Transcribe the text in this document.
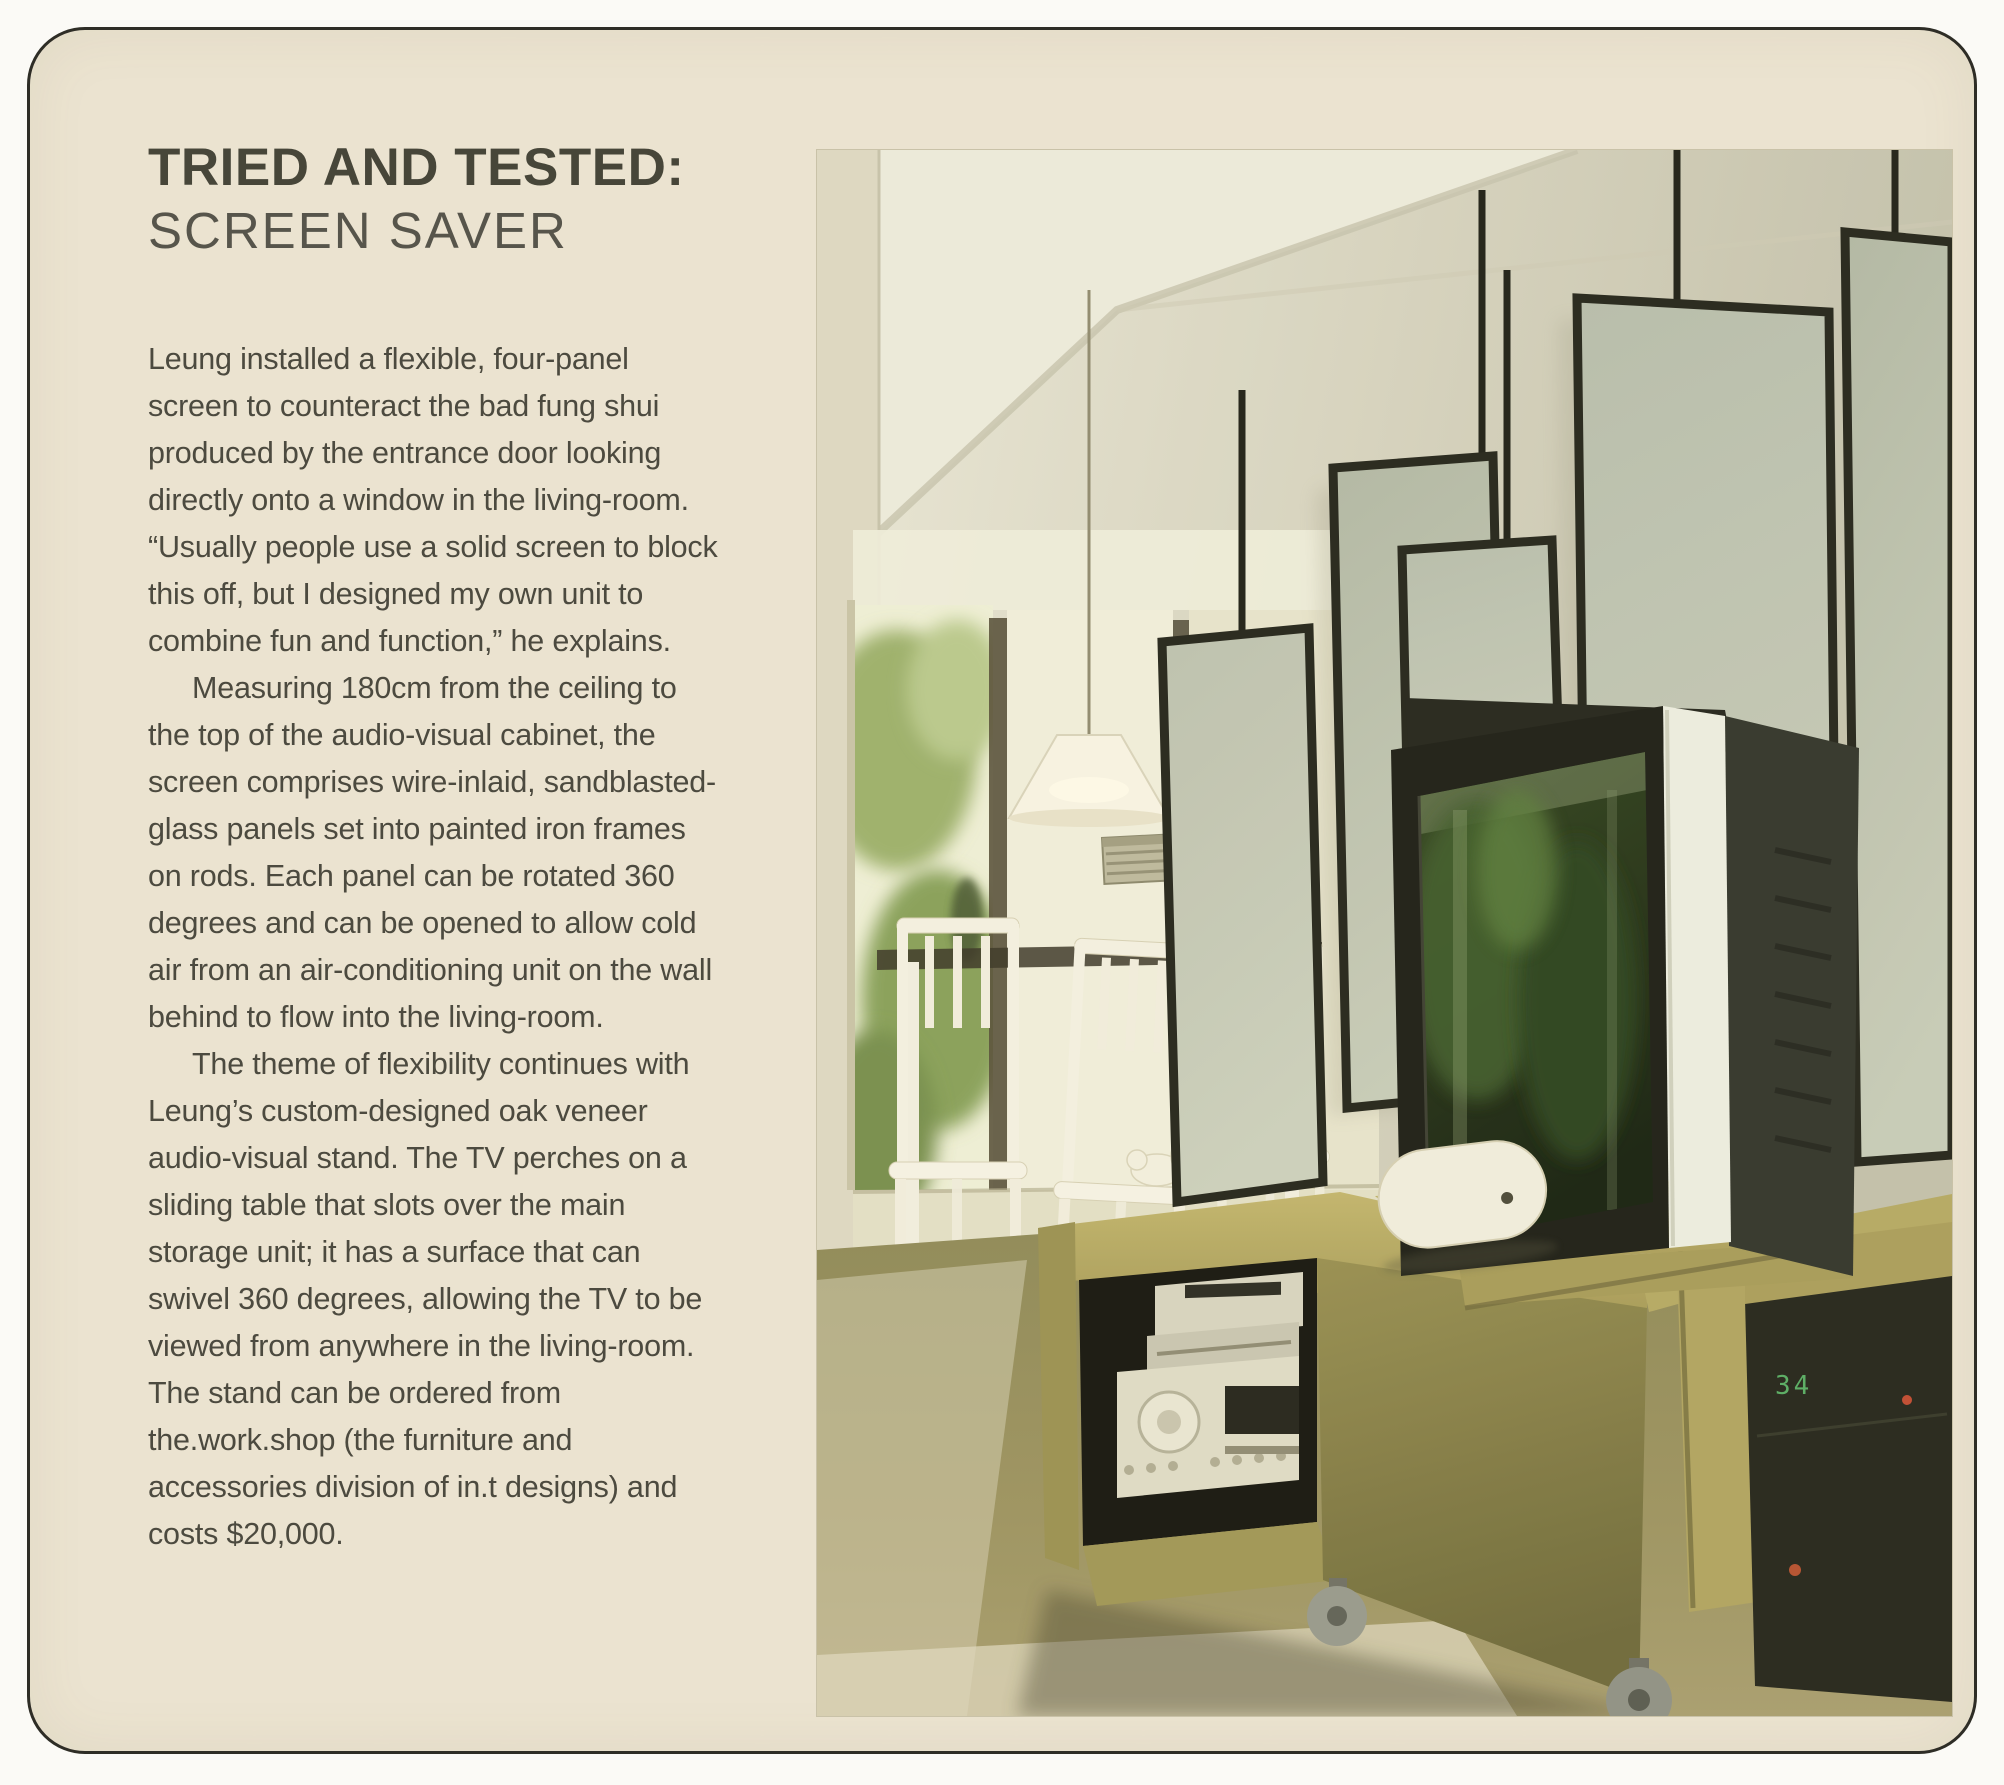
TRIED AND TESTED:
SCREEN SAVER

Leung installed a flexible, four-panel screen to counteract the bad fung shui produced by the entrance door looking directly onto a window in the living-room. “Usually people use a solid screen to block this off, but I designed my own unit to combine fun and function,” he explains.

Measuring 180cm from the ceiling to the top of the audio-visual cabinet, the screen comprises wire-inlaid, sandblasted-glass panels set into painted iron frames on rods. Each panel can be rotated 360 degrees and can be opened to allow cold air from an air-conditioning unit on the wall behind to flow into the living-room.

The theme of flexibility continues with Leung’s custom-designed oak veneer audio-visual stand. The TV perches on a sliding table that slots over the main storage unit; it has a surface that can swivel 360 degrees, allowing the TV to be viewed from anywhere in the living-room. The stand can be ordered from the.work.shop (the furniture and accessories division of in.t designs) and costs $20,000.

34
